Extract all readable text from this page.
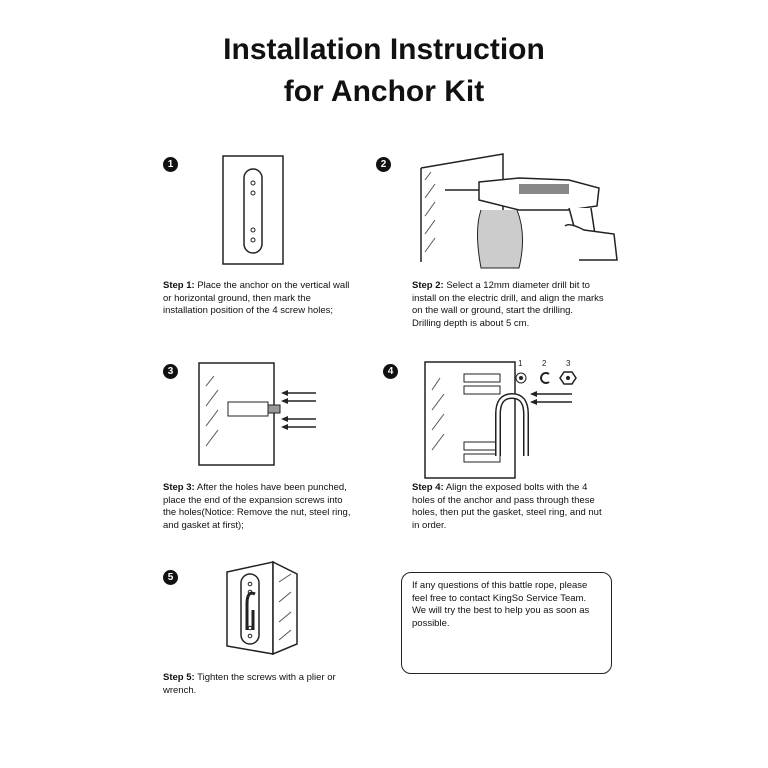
Installation Instruction
for Anchor Kit
1
Step 1: Place the anchor on the vertical wall or horizontal ground, then mark the installation position of the 4 screw holes;
2
Step 2: Select a 12mm diameter drill bit to install on the electric drill, and align the marks on the wall or ground, start the drilling.
Drilling depth is about 5 cm.
3
Step 3: After the holes have been punched, place the end of the expansion screws into the holes(Notice: Remove the nut, steel ring, and gasket at first);
4
1 2 3
Step 4: Align the exposed bolts with the 4 holes of the anchor and pass through these holes, then put the gasket, steel ring, and nut in order.
5
Step 5: Tighten the screws with a plier or wrench.
If any questions of this battle rope, please feel free to contact KingSo Service Team. We will try the best to help you as soon as possible.
